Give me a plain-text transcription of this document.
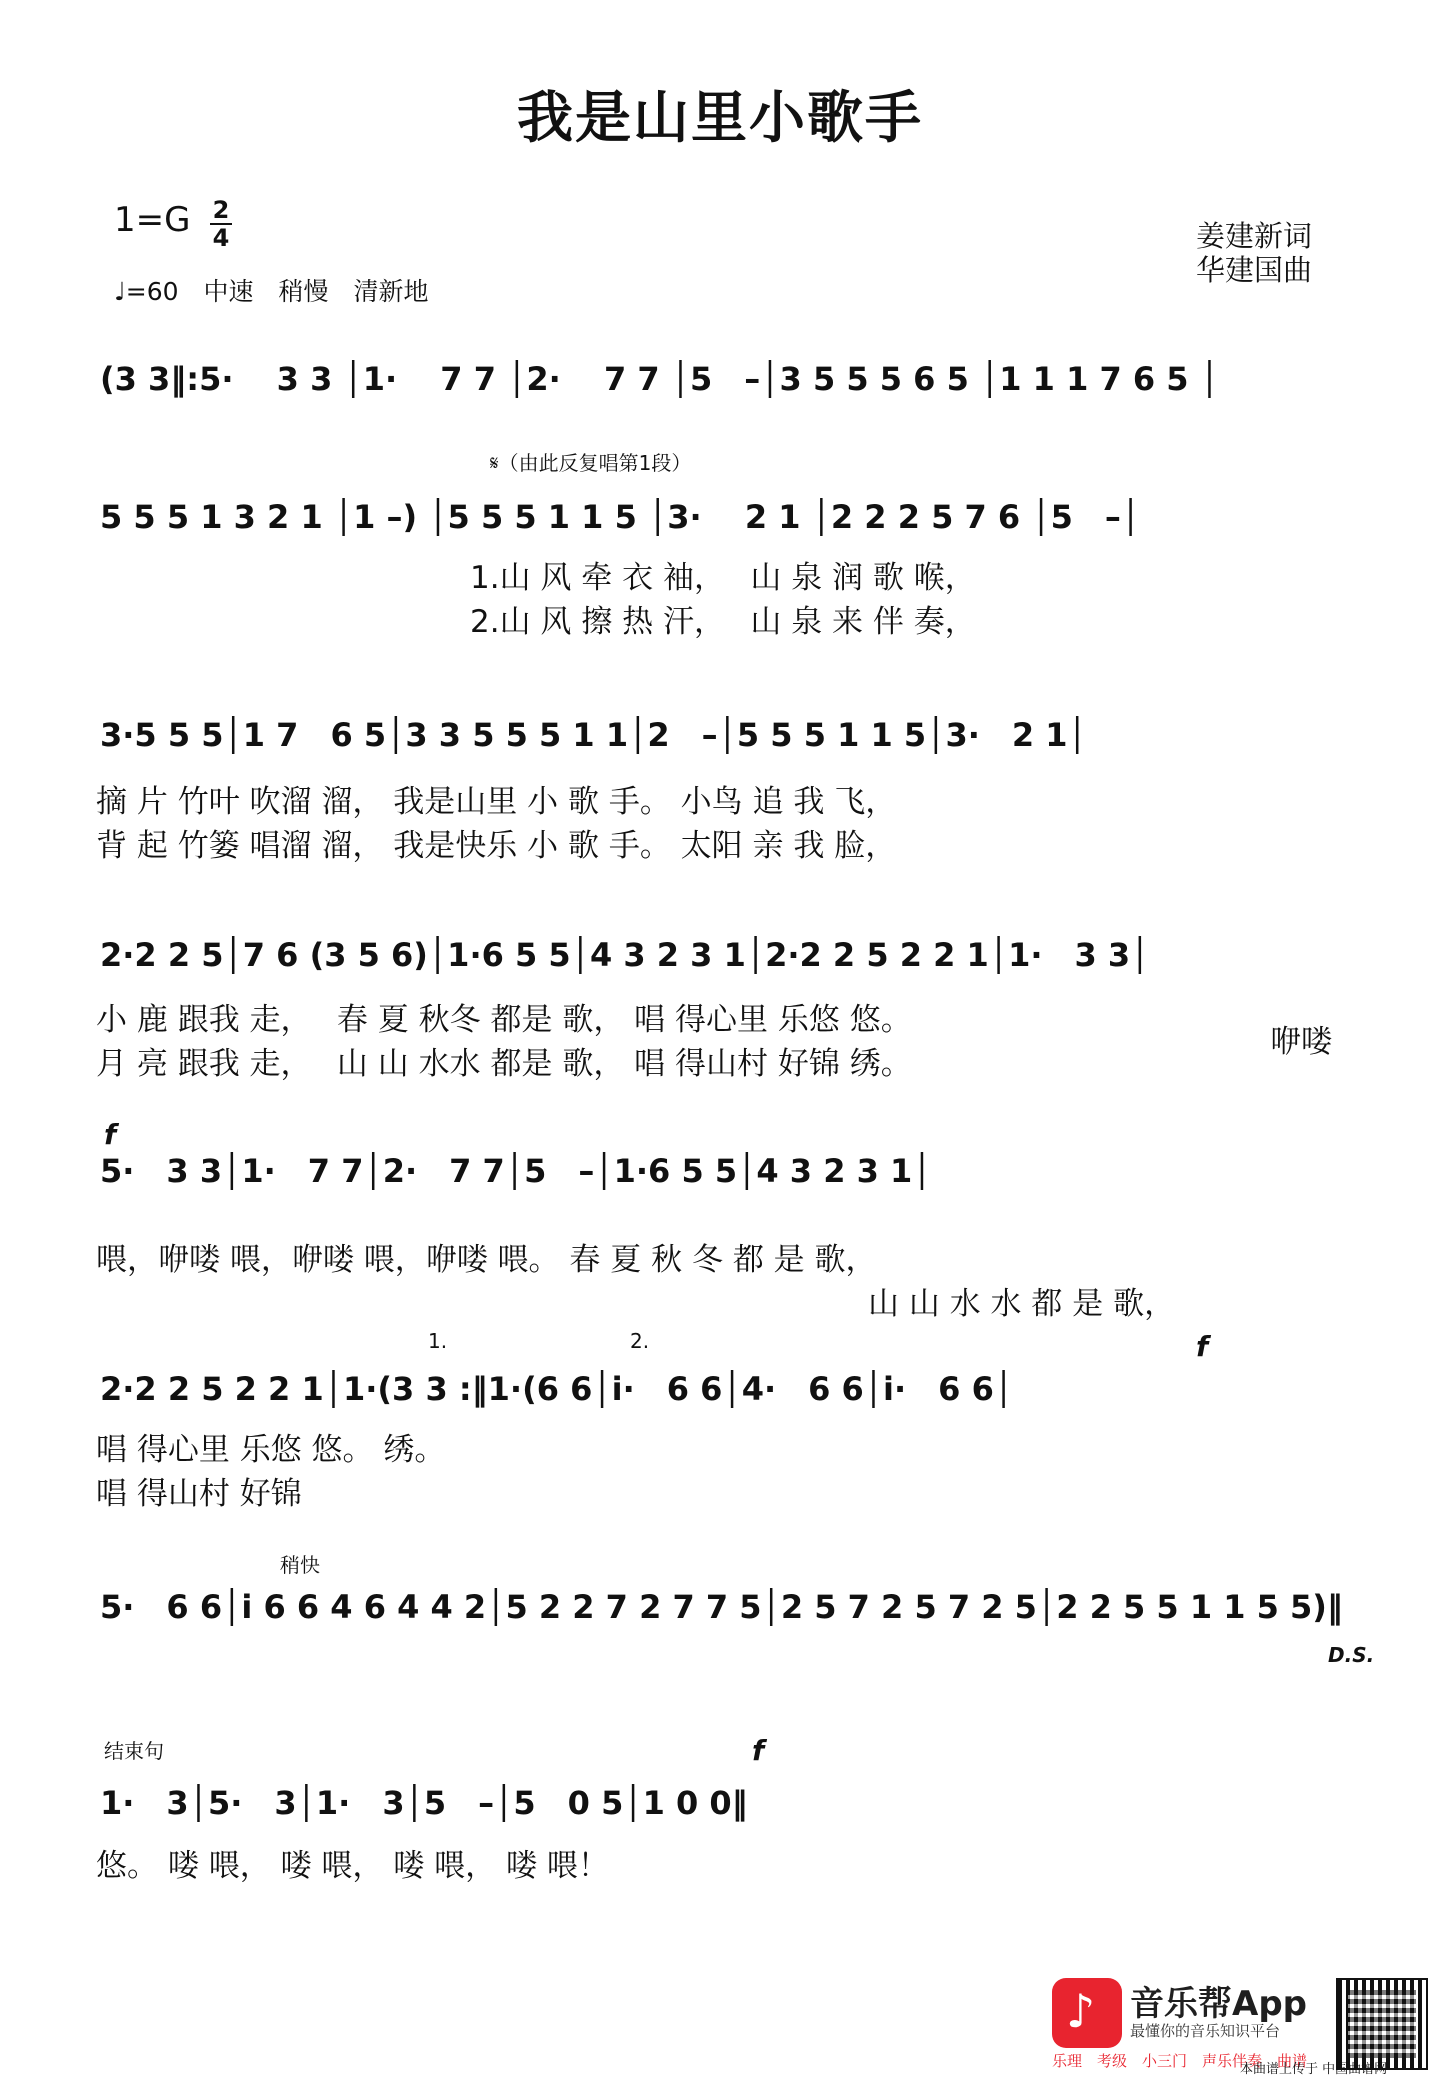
我是山里小歌手
1=G 2
4
♩=60　中速　稍慢　清新地
姜建新词
华建国曲
(3 3‖:5·　 3 3 │1·　 7 7 │2·　 7 7 │5　–│3 5 5 5 6 5 │1 1 1 7 6 5 │
𝄋（由此反复唱第1段）
5 5 5 1 3 2 1 │1 –) │5 5 5 1 1 5 │3·　 2 1 │2 2 2 5 7 6 │5　–│
1.山 风 牵 衣 袖，　 山 泉 润 歌 喉，
2.山 风 擦 热 汗，　 山 泉 来 伴 奏，
3·5 5 5│1 7　6 5│3 3 5 5 5 1 1│2　–│5 5 5 1 1 5│3·　2 1│
摘 片 竹叶 吹溜 溜， 我是山里 小 歌 手。 小鸟 追 我 飞，
背 起 竹篓 唱溜 溜， 我是快乐 小 歌 手。 太阳 亲 我 脸，
2·2 2 5│7 6 (3 5 6)│1·6 5 5│4 3 2 3 1│2·2 2 5 2 2 1│1·　3 3│
小 鹿 跟我 走，　 春 夏 秋冬 都是 歌， 唱 得心里 乐悠 悠。
月 亮 跟我 走，　 山 山 水水 都是 歌， 唱 得山村 好锦 绣。
咿喽
f
5·　3 3│1·　7 7│2·　7 7│5　–│1·6 5 5│4 3 2 3 1│
喂，咿喽 喂，咿喽 喂，咿喽 喂。 春 夏 秋 冬 都 是 歌，
山 山 水 水 都 是 歌，
1.	2.	f
2·2 2 5 2 2 1│1·(3 3 :‖1·(6 6│i·　6 6│4·　6 6│i·　6 6│
唱 得心里 乐悠 悠。 绣。
唱 得山村 好锦
稍快
5·　6 6│i 6 6 4 6 4 4 2│5 2 2 7 2 7 7 5│2 5 7 2 5 7 2 5│2 2 5 5 1 1 5 5)‖
D.S.
结束句	f
1·　3│5·　3│1·　3│5　–│5　0 5│1 0 0‖
悠。 喽 喂， 喽 喂， 喽 喂， 喽 喂！
♪ 音乐帮App
最懂你的音乐知识平台
乐理　考级　小三门　声乐伴奏　曲谱
本曲谱上传于 中国曲谱网
